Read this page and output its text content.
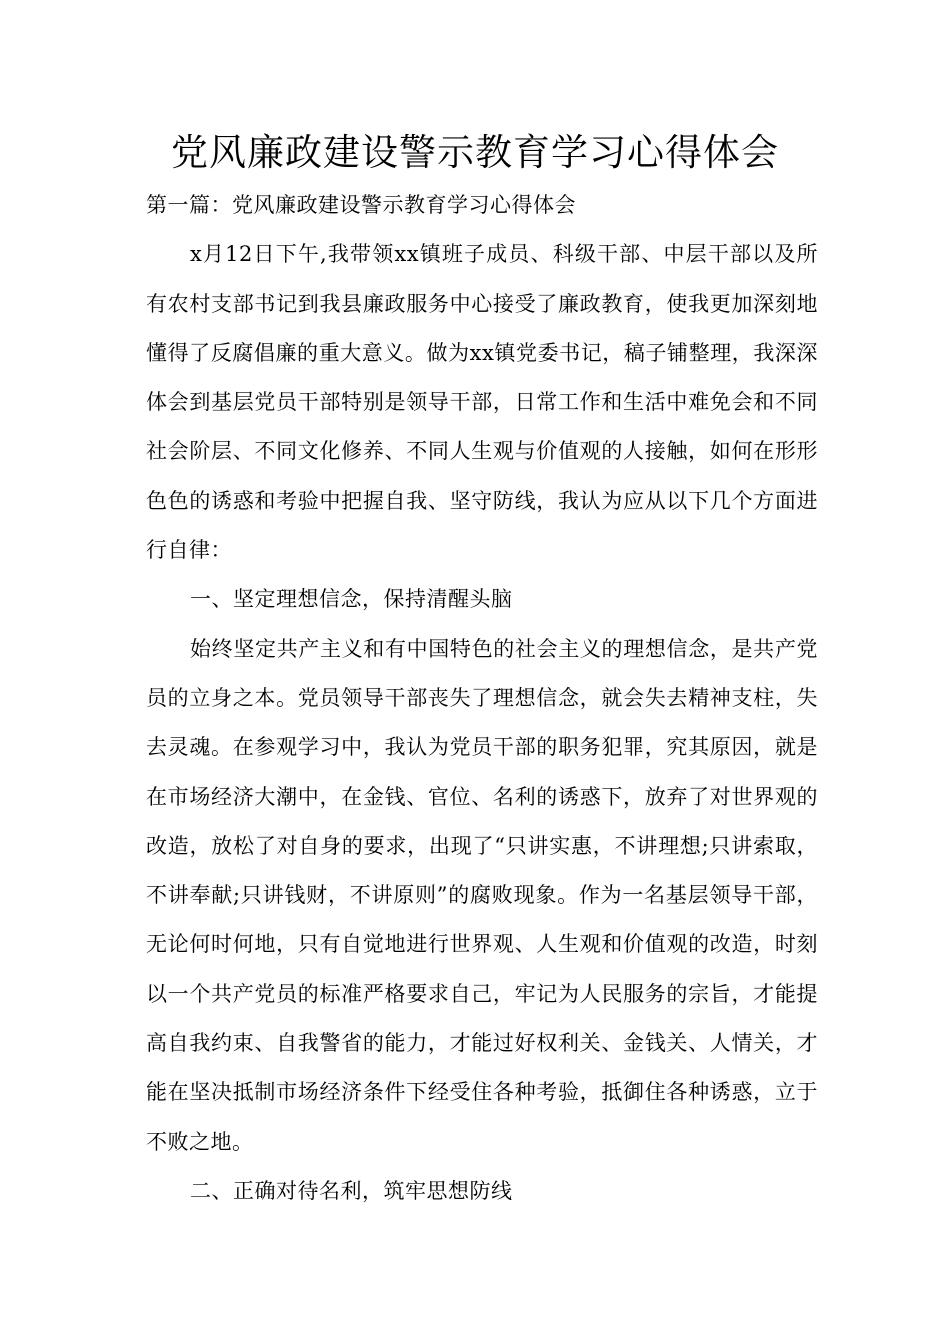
党风廉政建设警示教育学习心得体会

第一篇：党风廉政建设警示教育学习心得体会

x月12日下午,我带领xx镇班子成员、科级干部、中层干部以及所有农村支部书记到我县廉政服务中心接受了廉政教育，使我更加深刻地懂得了反腐倡廉的重大意义。做为xx镇党委书记，稿子铺整理，我深深体会到基层党员干部特别是领导干部，日常工作和生活中难免会和不同社会阶层、不同文化修养、不同人生观与价值观的人接触，如何在形形色色的诱惑和考验中把握自我、坚守防线，我认为应从以下几个方面进行自律：

一、坚定理想信念，保持清醒头脑

始终坚定共产主义和有中国特色的社会主义的理想信念，是共产党员的立身之本。党员领导干部丧失了理想信念，就会失去精神支柱，失去灵魂。在参观学习中，我认为党员干部的职务犯罪，究其原因，就是在市场经济大潮中，在金钱、官位、名利的诱惑下，放弃了对世界观的改造，放松了对自身的要求，出现了“只讲实惠，不讲理想;只讲索取，不讲奉献;只讲钱财，不讲原则”的腐败现象。作为一名基层领导干部，无论何时何地，只有自觉地进行世界观、人生观和价值观的改造，时刻以一个共产党员的标准严格要求自己，牢记为人民服务的宗旨，才能提高自我约束、自我警省的能力，才能过好权利关、金钱关、人情关，才能在坚决抵制市场经济条件下经受住各种考验，抵御住各种诱惑，立于不败之地。

二、正确对待名利，筑牢思想防线
